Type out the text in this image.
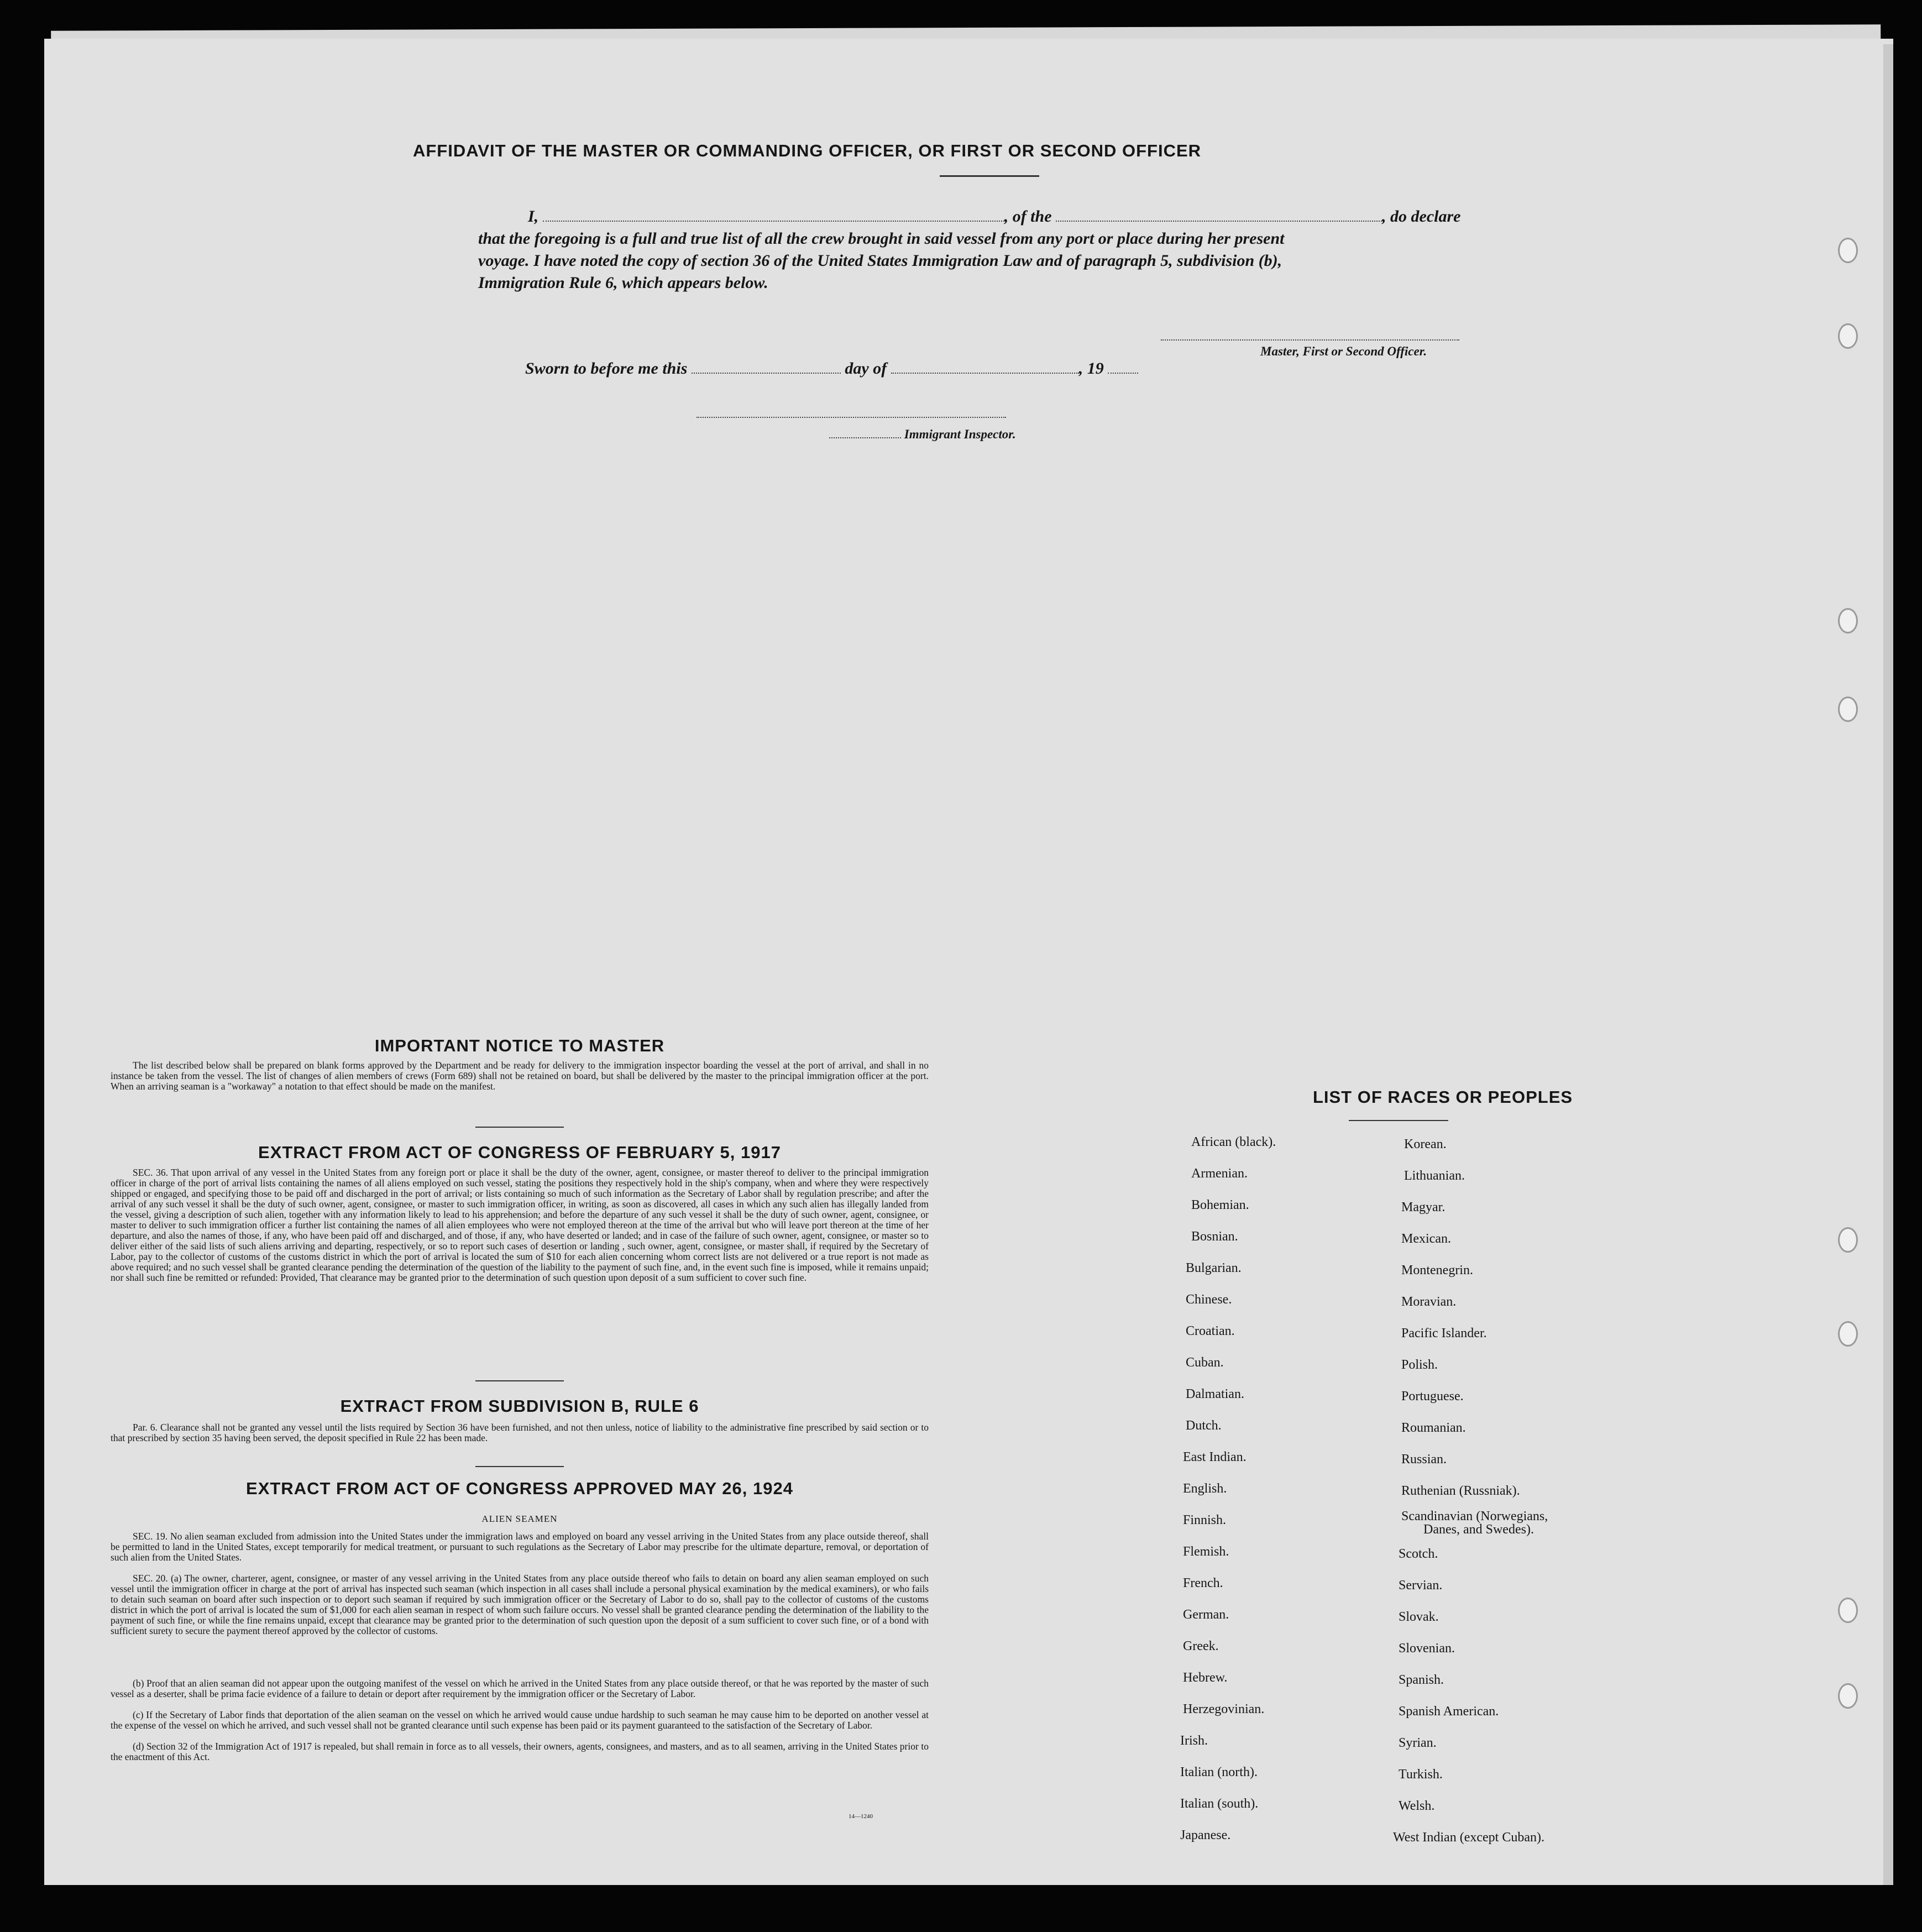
AFFIDAVIT OF THE MASTER OR COMMANDING OFFICER, OR FIRST OR SECOND OFFICER
I,	, of the	, do declare
that the foregoing is a full and true list of all the crew brought in said vessel from any port or place during her present
voyage. I have noted the copy of section 36 of the United States Immigration Law and of paragraph 5, subdivision (b),
Immigration Rule 6, which appears below.
Master, First or Second Officer.
Sworn to before me this	day of	, 19
Immigrant Inspector.
IMPORTANT NOTICE TO MASTER
The list described below shall be prepared on blank forms approved by the Department and be ready for delivery to the immigration inspector boarding the vessel at the port of arrival, and shall in no instance be taken from the vessel. The list of changes of alien members of crews (Form 689) shall not be retained on board, but shall be delivered by the master to the principal immigration officer at the port. When an arriving seaman is a "workaway" a notation to that effect should be made on the manifest.
EXTRACT FROM ACT OF CONGRESS OF FEBRUARY 5, 1917
SEC. 36. That upon arrival of any vessel in the United States from any foreign port or place it shall be the duty of the owner, agent, consignee, or master thereof to deliver to the principal immigration officer in charge of the port of arrival lists containing the names of all aliens employed on such vessel, stating the positions they respectively hold in the ship's company, when and where they were respectively shipped or engaged, and specifying those to be paid off and discharged in the port of arrival; or lists containing so much of such information as the Secretary of Labor shall by regulation prescribe; and after the arrival of any such vessel it shall be the duty of such owner, agent, consignee, or master to such immigration officer, in writing, as soon as discovered, all cases in which any such alien has illegally landed from the vessel, giving a description of such alien, together with any information likely to lead to his apprehension; and before the departure of any such vessel it shall be the duty of such owner, agent, consignee, or master to deliver to such immigration officer a further list containing the names of all alien employees who were not employed thereon at the time of the arrival but who will leave port thereon at the time of her departure, and also the names of those, if any, who have been paid off and discharged, and of those, if any, who have deserted or landed; and in case of the failure of such owner, agent, consignee, or master so to deliver either of the said lists of such aliens arriving and departing, respectively, or so to report such cases of desertion or landing , such owner, agent, consignee, or master shall, if required by the Secretary of Labor, pay to the collector of customs of the customs district in which the port of arrival is located the sum of $10 for each alien concerning whom correct lists are not delivered or a true report is not made as above required; and no such vessel shall be granted clearance pending the determination of the question of the liability to the payment of such fine, and, in the event such fine is imposed, while it remains unpaid; nor shall such fine be remitted or refunded: Provided, That clearance may be granted prior to the determination of such question upon deposit of a sum sufficient to cover such fine.
EXTRACT FROM SUBDIVISION B, RULE 6
Par. 6. Clearance shall not be granted any vessel until the lists required by Section 36 have been furnished, and not then unless, notice of liability to the administrative fine prescribed by said section or to that prescribed by section 35 having been served, the deposit specified in Rule 22 has been made.
EXTRACT FROM ACT OF CONGRESS APPROVED MAY 26, 1924
ALIEN SEAMEN
SEC. 19. No alien seaman excluded from admission into the United States under the immigration laws and employed on board any vessel arriving in the United States from any place outside thereof, shall be permitted to land in the United States, except temporarily for medical treatment, or pursuant to such regulations as the Secretary of Labor may prescribe for the ultimate departure, removal, or deportation of such alien from the United States.
SEC. 20. (a) The owner, charterer, agent, consignee, or master of any vessel arriving in the United States from any place outside thereof who fails to detain on board any alien seaman employed on such vessel until the immigration officer in charge at the port of arrival has inspected such seaman (which inspection in all cases shall include a personal physical examination by the medical examiners), or who fails to detain such seaman on board after such inspection or to deport such seaman if required by such immigration officer or the Secretary of Labor to do so, shall pay to the collector of customs of the customs district in which the port of arrival is located the sum of $1,000 for each alien seaman in respect of whom such failure occurs. No vessel shall be granted clearance pending the determination of the liability to the payment of such fine, or while the fine remains unpaid, except that clearance may be granted prior to the determination of such question upon the deposit of a sum sufficient to cover such fine, or of a bond with sufficient surety to secure the payment thereof approved by the collector of customs.
(b) Proof that an alien seaman did not appear upon the outgoing manifest of the vessel on which he arrived in the United States from any place outside thereof, or that he was reported by the master of such vessel as a deserter, shall be prima facie evidence of a failure to detain or deport after requirement by the immigration officer or the Secretary of Labor.
(c) If the Secretary of Labor finds that deportation of the alien seaman on the vessel on which he arrived would cause undue hardship to such seaman he may cause him to be deported on another vessel at the expense of the vessel on which he arrived, and such vessel shall not be granted clearance until such expense has been paid or its payment guaranteed to the satisfaction of the Secretary of Labor.
(d) Section 32 of the Immigration Act of 1917 is repealed, but shall remain in force as to all vessels, their owners, agents, consignees, and masters, and as to all seamen, arriving in the United States prior to the enactment of this Act.
14—1240
LIST OF RACES OR PEOPLES
African (black).
Armenian.
Bohemian.
Bosnian.
Bulgarian.
Chinese.
Croatian.
Cuban.
Dalmatian.
Dutch.
East Indian.
English.
Finnish.
Flemish.
French.
German.
Greek.
Hebrew.
Herzegovinian.
Irish.
Italian (north).
Italian (south).
Japanese.
Korean.
Lithuanian.
Magyar.
Mexican.
Montenegrin.
Moravian.
Pacific Islander.
Polish.
Portuguese.
Roumanian.
Russian.
Ruthenian (Russniak).
Scandinavian (Norwegians,
Danes, and Swedes).
Scotch.
Servian.
Slovak.
Slovenian.
Spanish.
Spanish American.
Syrian.
Turkish.
Welsh.
West Indian (except Cuban).
